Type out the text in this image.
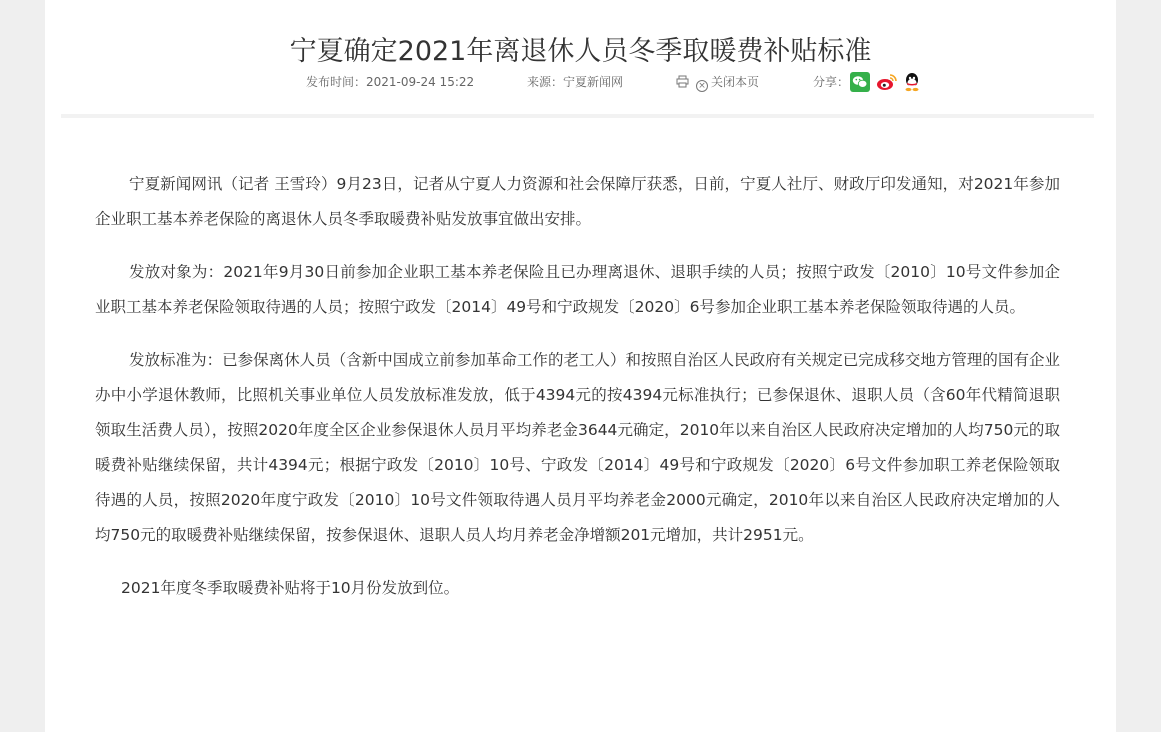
宁夏确定2021年离退休人员冬季取暖费补贴标准
发布时间：2021-09-24 15:22	来源：宁夏新闻网	× 关闭本页	分享：

宁夏新闻网讯（记者 王雪玲）9月23日，记者从宁夏人力资源和社会保障厅获悉，日前，宁夏人社厅、财政厅印发通知，对2021年参加企业职工基本养老保险的离退休人员冬季取暖费补贴发放事宜做出安排。

发放对象为：2021年9月30日前参加企业职工基本养老保险且已办理离退休、退职手续的人员；按照宁政发〔2010〕10号文件参加企业职工基本养老保险领取待遇的人员；按照宁政发〔2014〕49号和宁政规发〔2020〕6号参加企业职工基本养老保险领取待遇的人员。

发放标准为：已参保离休人员（含新中国成立前参加革命工作的老工人）和按照自治区人民政府有关规定已完成移交地方管理的国有企业办中小学退休教师，比照机关事业单位人员发放标准发放，低于4394元的按4394元标准执行；已参保退休、退职人员（含60年代精简退职领取生活费人员），按照2020年度全区企业参保退休人员月平均养老金3644元确定，2010年以来自治区人民政府决定增加的人均750元的取暖费补贴继续保留，共计4394元；根据宁政发〔2010〕10号、宁政发〔2014〕49号和宁政规发〔2020〕6号文件参加职工养老保险领取待遇的人员，按照2020年度宁政发〔2010〕10号文件领取待遇人员月平均养老金2000元确定，2010年以来自治区人民政府决定增加的人均750元的取暖费补贴继续保留，按参保退休、退职人员人均月养老金净增额201元增加，共计2951元。

2021年度冬季取暖费补贴将于10月份发放到位。
